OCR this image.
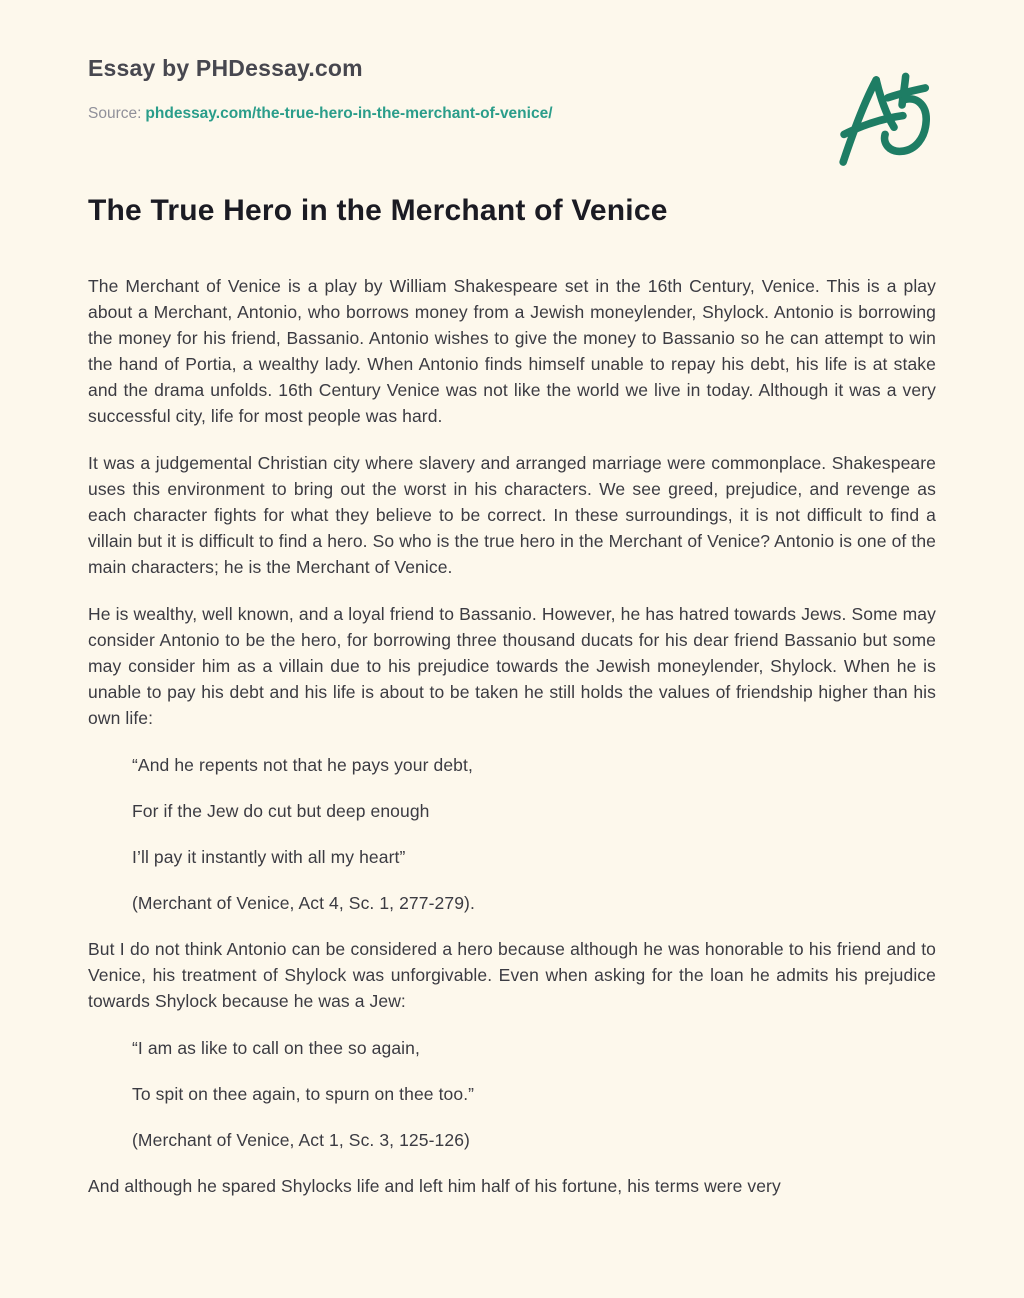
Essay by PHDessay.com
Source: phdessay.com/the-true-hero-in-the-merchant-of-venice/
The True Hero in the Merchant of Venice

The Merchant of Venice is a play by William Shakespeare set in the 16th Century, Venice. This is a play about a Merchant, Antonio, who borrows money from a Jewish moneylender, Shylock. Antonio is borrowing the money for his friend, Bassanio. Antonio wishes to give the money to Bassanio so he can attempt to win the hand of Portia, a wealthy lady. When Antonio finds himself unable to repay his debt, his life is at stake and the drama unfolds. 16th Century Venice was not like the world we live in today. Although it was a very successful city, life for most people was hard.

It was a judgemental Christian city where slavery and arranged marriage were commonplace. Shakespeare uses this environment to bring out the worst in his characters. We see greed, prejudice, and revenge as each character fights for what they believe to be correct. In these surroundings, it is not difficult to find a villain but it is difficult to find a hero. So who is the true hero in the Merchant of Venice? Antonio is one of the main characters; he is the Merchant of Venice.

He is wealthy, well known, and a loyal friend to Bassanio. However, he has hatred towards Jews. Some may consider Antonio to be the hero, for borrowing three thousand ducats for his dear friend Bassanio but some may consider him as a villain due to his prejudice towards the Jewish moneylender, Shylock. When he is unable to pay his debt and his life is about to be taken he still holds the values of friendship higher than his own life:

“And he repents not that he pays your debt,

For if the Jew do cut but deep enough

I’ll pay it instantly with all my heart”

(Merchant of Venice, Act 4, Sc. 1, 277-279).

But I do not think Antonio can be considered a hero because although he was honorable to his friend and to Venice, his treatment of Shylock was unforgivable. Even when asking for the loan he admits his prejudice towards Shylock because he was a Jew:

“I am as like to call on thee so again,

To spit on thee again, to spurn on thee too.”

(Merchant of Venice, Act 1, Sc. 3, 125-126)

And although he spared Shylocks life and left him half of his fortune, his terms were very
